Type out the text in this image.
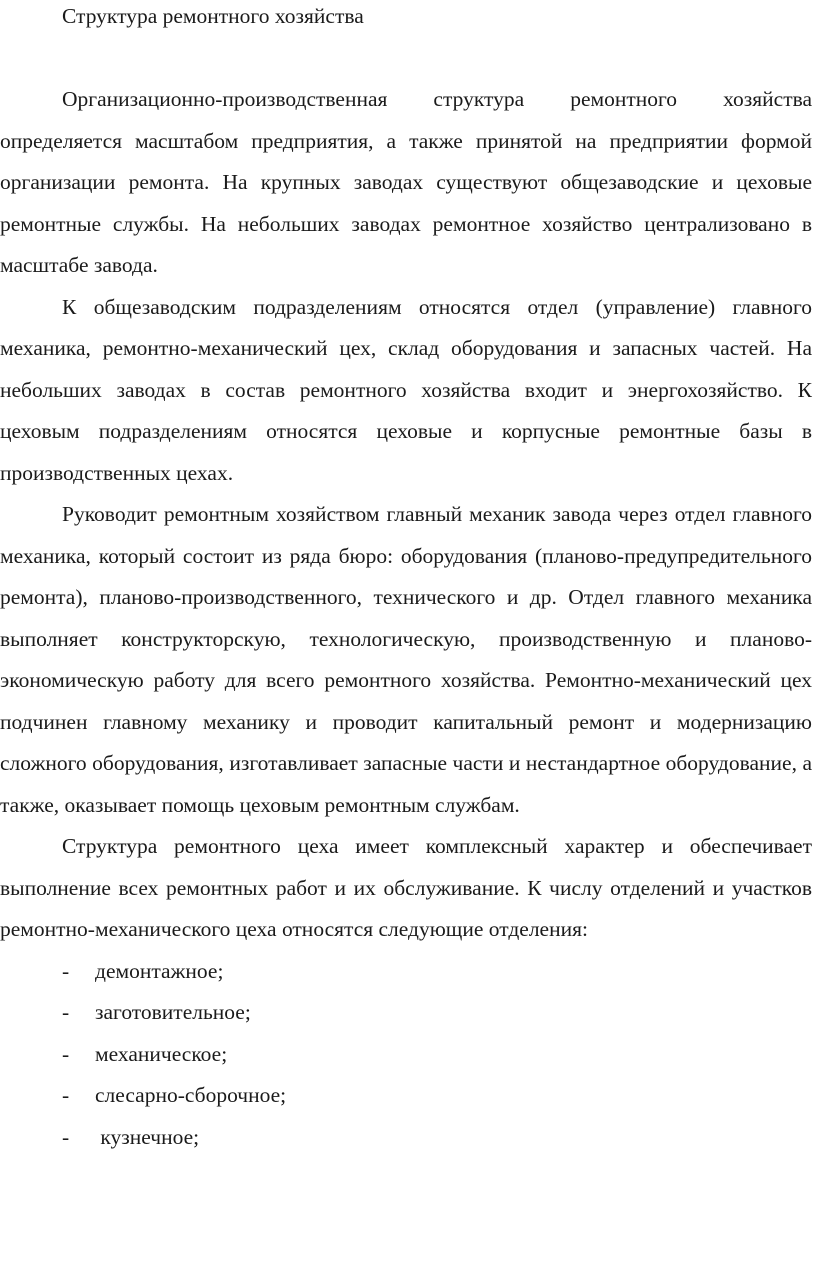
Структура ремонтного хозяйства

Организационно-производственная структура ремонтного хозяйства определяется масштабом предприятия, а также принятой на предприятии формой организации ремонта. На крупных заводах существуют общезаводские и цеховые ремонтные службы. На небольших заводах ремонтное хозяйство централизовано в масштабе завода.

К общезаводским подразделениям относятся отдел (управление) главного механика, ремонтно-механический цех, склад оборудования и запасных частей. На небольших заводах в состав ремонтного хозяйства входит и энергохозяйство. К цеховым подразделениям относятся цеховые и корпусные ремонтные базы в производственных цехах.

Руководит ремонтным хозяйством главный механик завода через отдел главного механика, который состоит из ряда бюро: оборудования (планово-предупредительного ремонта), планово-производственного, технического и др. Отдел главного механика выполняет конструкторскую, технологическую, производственную и планово-экономическую работу для всего ремонтного хозяйства. Ремонтно-механический цех подчинен главному механику и проводит капитальный ремонт и модернизацию сложного оборудования, изготавливает запасные части и нестандартное оборудование, а также, оказывает помощь цеховым ремонтным службам.

Структура ремонтного цеха имеет комплексный характер и обеспечивает выполнение всех ремонтных работ и их обслуживание. К числу отделений и участков ремонтно-механического цеха относятся следующие отделения:

- демонтажное;
- заготовительное;
- механическое;
- слесарно-сборочное;
- кузнечное;
